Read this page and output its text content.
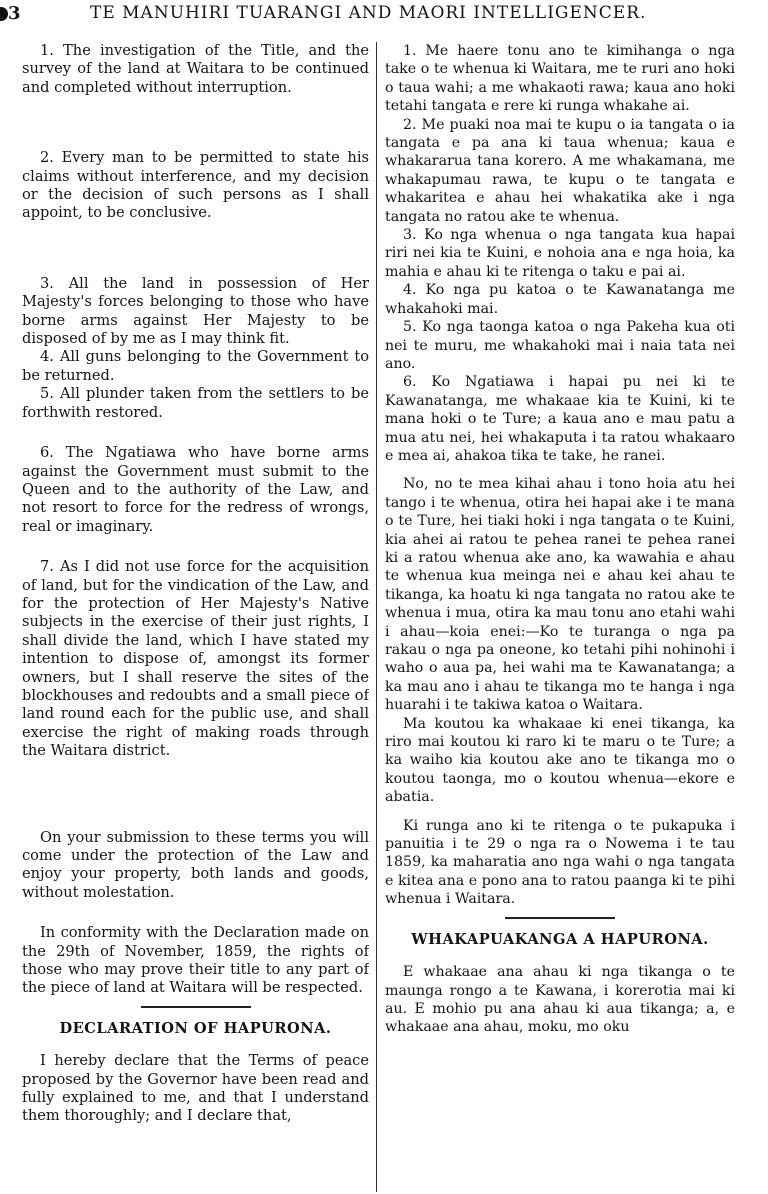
3	TE MANUHIRI TUARANGI AND MAORI INTELLIGENCER.

1. The investigation of the Title, and the survey of the land at Waitara to be continued and completed without interruption.

2. Every man to be permitted to state his claims without interference, and my decision or the decision of such persons as I shall appoint, to be conclusive.

3. All the land in possession of Her Majesty's forces belonging to those who have borne arms against Her Majesty to be disposed of by me as I may think fit.

4. All guns belonging to the Government to be returned.

5. All plunder taken from the settlers to be forthwith restored.

6. The Ngatiawa who have borne arms against the Government must submit to the Queen and to the authority of the Law, and not resort to force for the redress of wrongs, real or imaginary.

7. As I did not use force for the acquisition of land, but for the vindication of the Law, and for the protection of Her Majesty's Native subjects in the exercise of their just rights, I shall divide the land, which I have stated my intention to dispose of, amongst its former owners, but I shall reserve the sites of the blockhouses and redoubts and a small piece of land round each for the public use, and shall exercise the right of making roads through the Waitara district.

On your submission to these terms you will come under the protection of the Law and enjoy your property, both lands and goods, without molestation.

In conformity with the Declaration made on the 29th of November, 1859, the rights of those who may prove their title to any part of the piece of land at Waitara will be respected.

DECLARATION OF HAPURONA.

I hereby declare that the Terms of peace proposed by the Governor have been read and fully explained to me, and that I understand them thoroughly; and I declare that,

1. Me haere tonu ano te kimihanga o nga take o te whenua ki Waitara, me te ruri ano hoki o taua wahi; a me whakaoti rawa; kaua ano hoki tetahi tangata e rere ki runga whakahe ai.

2. Me puaki noa mai te kupu o ia tangata o ia tangata e pa ana ki taua whenua; kaua e whakararua tana korero. A me whakamana, me whakapumau rawa, te kupu o te tangata e whakaritea e ahau hei whakatika ake i nga tangata no ratou ake te whenua.

3. Ko nga whenua o nga tangata kua hapai riri nei kia te Kuini, e nohoia ana e nga hoia, ka mahia e ahau ki te ritenga o taku e pai ai.

4. Ko nga pu katoa o te Kawanatanga me whakahoki mai.

5. Ko nga taonga katoa o nga Pakeha kua oti nei te muru, me whakahoki mai i naia tata nei ano.

6. Ko Ngatiawa i hapai pu nei ki te Kawanatanga, me whakaae kia te Kuini, ki te mana hoki o te Ture; a kaua ano e mau patu a mua atu nei, hei whakaputa i ta ratou whakaaro e mea ai, ahakoa tika te take, he ranei.

No, no te mea kihai ahau i tono hoia atu hei tango i te whenua, otira hei hapai ake i te mana o te Ture, hei tiaki hoki i nga tangata o te Kuini, kia ahei ai ratou te pehea ranei te pehea ranei ki a ratou whenua ake ano, ka wawahia e ahau te whenua kua meinga nei e ahau kei ahau te tikanga, ka hoatu ki nga tangata no ratou ake te whenua i mua, otira ka mau tonu ano etahi wahi i ahau—koia enei:—Ko te turanga o nga pa rakau o nga pa oneone, ko tetahi pihi nohinohi i waho o aua pa, hei wahi ma te Kawanatanga; a ka mau ano i ahau te tikanga mo te hanga i nga huarahi i te takiwa katoa o Waitara.

Ma koutou ka whakaae ki enei tikanga, ka riro mai koutou ki raro ki te maru o te Ture; a ka waiho kia koutou ake ano te tikanga mo o koutou taonga, mo o koutou whenua—ekore e abatia.

Ki runga ano ki te ritenga o te pukapuka i panuitia i te 29 o nga ra o Nowema i te tau 1859, ka maharatia ano nga wahi o nga tangata e kitea ana e pono ana to ratou paanga ki te pihi whenua i Waitara.

WHAKAPUAKANGA A HAPURONA.

E whakaae ana ahau ki nga tikanga o te maunga rongo a te Kawana, i korerotia mai ki au. E mohio pu ana ahau ki aua tikanga; a, e whakaae ana ahau, moku, mo oku
